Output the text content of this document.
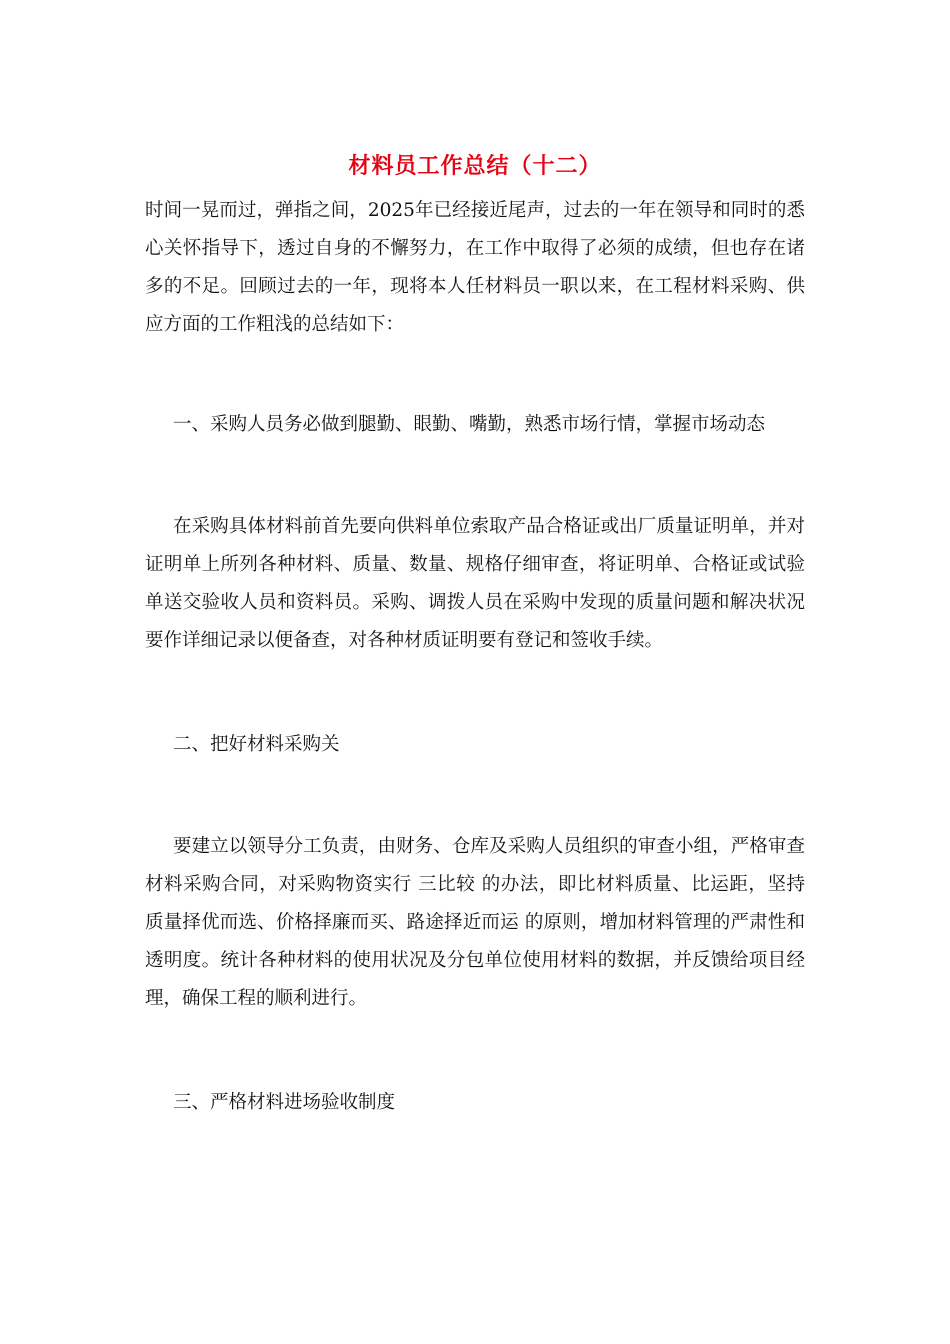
材料员工作总结（十二）

时间一晃而过，弹指之间，2025年已经接近尾声，过去的一年在领导和同时的悉心关怀指导下，透过自身的不懈努力，在工作中取得了必须的成绩，但也存在诸多的不足。回顾过去的一年，现将本人任材料员一职以来，在工程材料采购、供应方面的工作粗浅的总结如下：

一、采购人员务必做到腿勤、眼勤、嘴勤，熟悉市场行情，掌握市场动态

在采购具体材料前首先要向供料单位索取产品合格证或出厂质量证明单，并对证明单上所列各种材料、质量、数量、规格仔细审查，将证明单、合格证或试验单送交验收人员和资料员。采购、调拨人员在采购中发现的质量问题和解决状况要作详细记录以便备查，对各种材质证明要有登记和签收手续。

二、把好材料采购关

要建立以领导分工负责，由财务、仓库及采购人员组织的审查小组，严格审查材料采购合同，对采购物资实行 三比较 的办法，即比材料质量、比运距，坚持 质量择优而选、价格择廉而买、路途择近而运 的原则，增加材料管理的严肃性和透明度。统计各种材料的使用状况及分包单位使用材料的数据，并反馈给项目经理，确保工程的顺利进行。

三、严格材料进场验收制度
